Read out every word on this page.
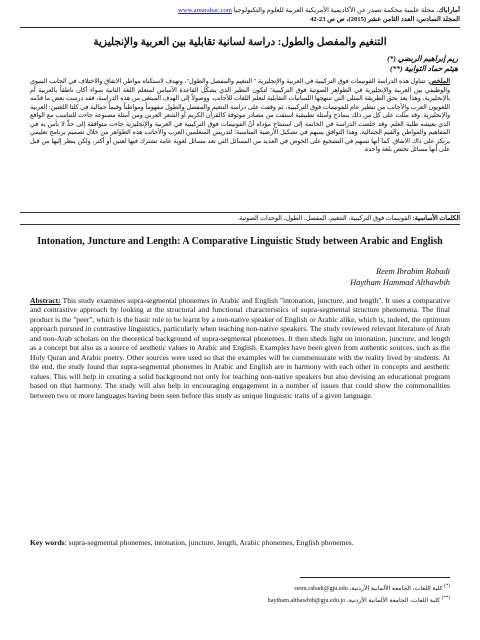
أماراباك، مجلة علمية محكمة تصدر عن الأكاديمية الأمريكية العربية للعلوم والتكنولوجيا www.amarabac.com
المجلد السادس، العدد الثامن عشر (2015)، ص ص 23-42
التنغيم والمفصل والطول: دراسة لسانية تقابلية بين العربية والإنجليزية
ريم إبراهيم الربضي (*)
هيثم حماد الثوابية (**)
الملخص: تتناول هذه الدراسة الفونيمات فوق التركيبية في العربية والإنجليزية " التنغيم والمفصل والطول"، وتهدف لاستكناه مواطن الاتفاق والاختلاف في الجانب البنيوي والوظيفي بين العربية والإنجليزية في الظواهر الصوتية فوق التركيبية؛ لتكون النظير الذي يشكّل القاعدة الأساس لمتعلم اللغة الثانية سواء أكان ناطقاً بالعربية أم بالإنجليزية، وهذا يعد بحق الطريقة المثلى التي تنتهجها اللسانيات التقابلية لتعلم اللغات للأجانب. ووصولاً إلى الهدف المبتغى من هذه الدراسة، فقد درست بعض ما قدّمه اللغويون العرب والأجانب من تنظير عام للفونيمات فوق التركيبية، ثم وقفت على دراسة التنغيم والمفصل والطول مفهوماً ومواطناً وقيماً جمالية في كلتا اللغتين: العربية والإنجليزية. وقد مثّلت على كل من ذلك بنماذج وأمثلة تطبيقية استقت من مصادر موثوقة كالقرآن الكريم أو الشعر العربي ومن أمثلة مصنوعة جاءت للتناسب مع الواقع الذي يعيشه طلبة العلم. وقد خلصت الدراسة في الخاتمة إلى استنتاج مؤداه أنّ الفونيمات فوق التركيبية في العربية والإنجليزية جاءت متوافقة إلى حدٍّ لا بأس به في المفاهيم والمواطن والقيم الجمالية، وهذا التوافق يسهم في تشكيل الأرضية المناسبة؛ لتدريس المتعلمين العرب والأجانب هذه الظواهر من خلال تصميم برنامج تعليمي يرتكز على ذاك الاتفاق. كما أنها تسهم في التشجيع على الخوض في العديد من المسائل التي تعد مسائل لغوية عامة تشترك فيها لغتين أو أكثر، ولكن ينظر إليها من قبل على أنها مسائل تختص بلغة واحدة.
الكلمات الأساسية: الفونيمات فوق التركيبية، التنغيم، المفصل، الطول، الوحدات الصوتية.
Intonation, Juncture and Length: A Comparative Linguistic Study between Arabic and English
Reem Ibrahim Rabadi
Haytham Hammad Althawbih
Abstract: This study examines supra-segmental phonemes in Arabic and English "intonation, juncture, and length". It uses a comparative and contrastive approach by looking at the structural and functional characteristics of supra-segmental structure phenomena. The final product is the "peer", which is the basic rule to be learnt by a non-native speaker of English or Arabic alike, which is, indeed, the optimum approach pursued in contrastive linguistics, particularly when teaching non-native speakers. The study reviewed relevant literature of Arab and non-Arab scholars on the theoretical background of supra-segmental phonemes. It then sheds light on intonation, juncture, and length as a concept but also as a source of aesthetic values in Arabic and English. Examples have been given from authentic sources, such as the Holy Quran and Arabic poetry. Other sources were used so that the examples will be commensurate with the reality lived by students. At the end, the study found that supra-segmental phonemes in Arabic and English are in harmony with each other in concepts and aesthetic values. This will help in creating a solid background not only for teaching non-native speakers but also devising an educational program based on that harmony. The study will also help in encouraging engagement in a number of issues that could show the commonalities between two or more languages having been seen before this study as unique linguistic traits of a given language.
Key words: supra-segmental phonemes, intonation, juncture, length, Arabic phonemes, English phonemes.
(*) كلية اللغات، الجامعة الألمانية الأردنية، reem.rabadi@gju.edu
(**) كلية اللغات، الجامعة الألمانية الأردنية، haytham.althawbih@gju.edu.jo
